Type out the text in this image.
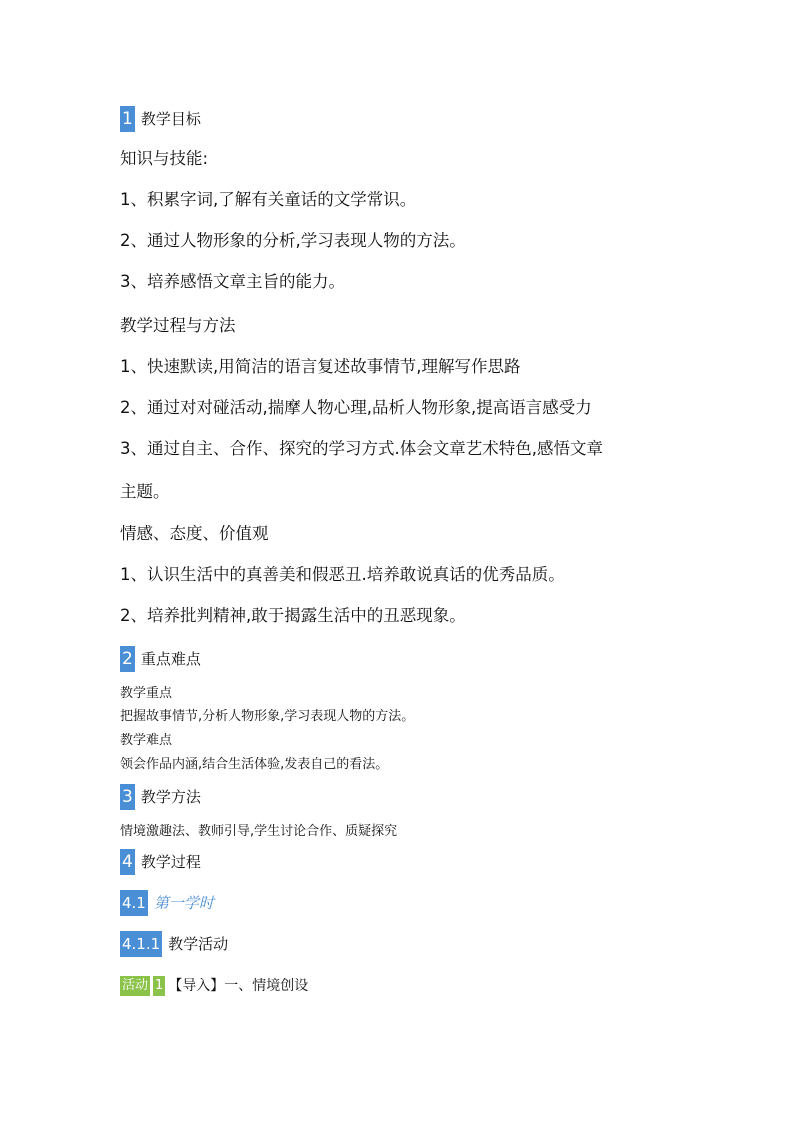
1 教学目标
知识与技能:
1、积累字词,了解有关童话的文学常识。
2、通过人物形象的分析,学习表现人物的方法。
3、培养感悟文章主旨的能力。
教学过程与方法
1、快速默读,用简洁的语言复述故事情节,理解写作思路
2、通过对对碰活动,揣摩人物心理,品析人物形象,提高语言感受力
3、通过自主、合作、探究的学习方式.体会文章艺术特色,感悟文章
主题。
情感、态度、价值观
1、认识生活中的真善美和假恶丑.培养敢说真话的优秀品质。
2、培养批判精神,敢于揭露生活中的丑恶现象。
2 重点难点
教学重点
把握故事情节,分析人物形象,学习表现人物的方法。
教学难点
领会作品内涵,结合生活体验,发表自己的看法。
3 教学方法
情境激趣法、教师引导,学生讨论合作、质疑探究
4 教学过程
4.1 第一学时
4.1.1 教学活动
活动 1 【导入】一、情境创设
